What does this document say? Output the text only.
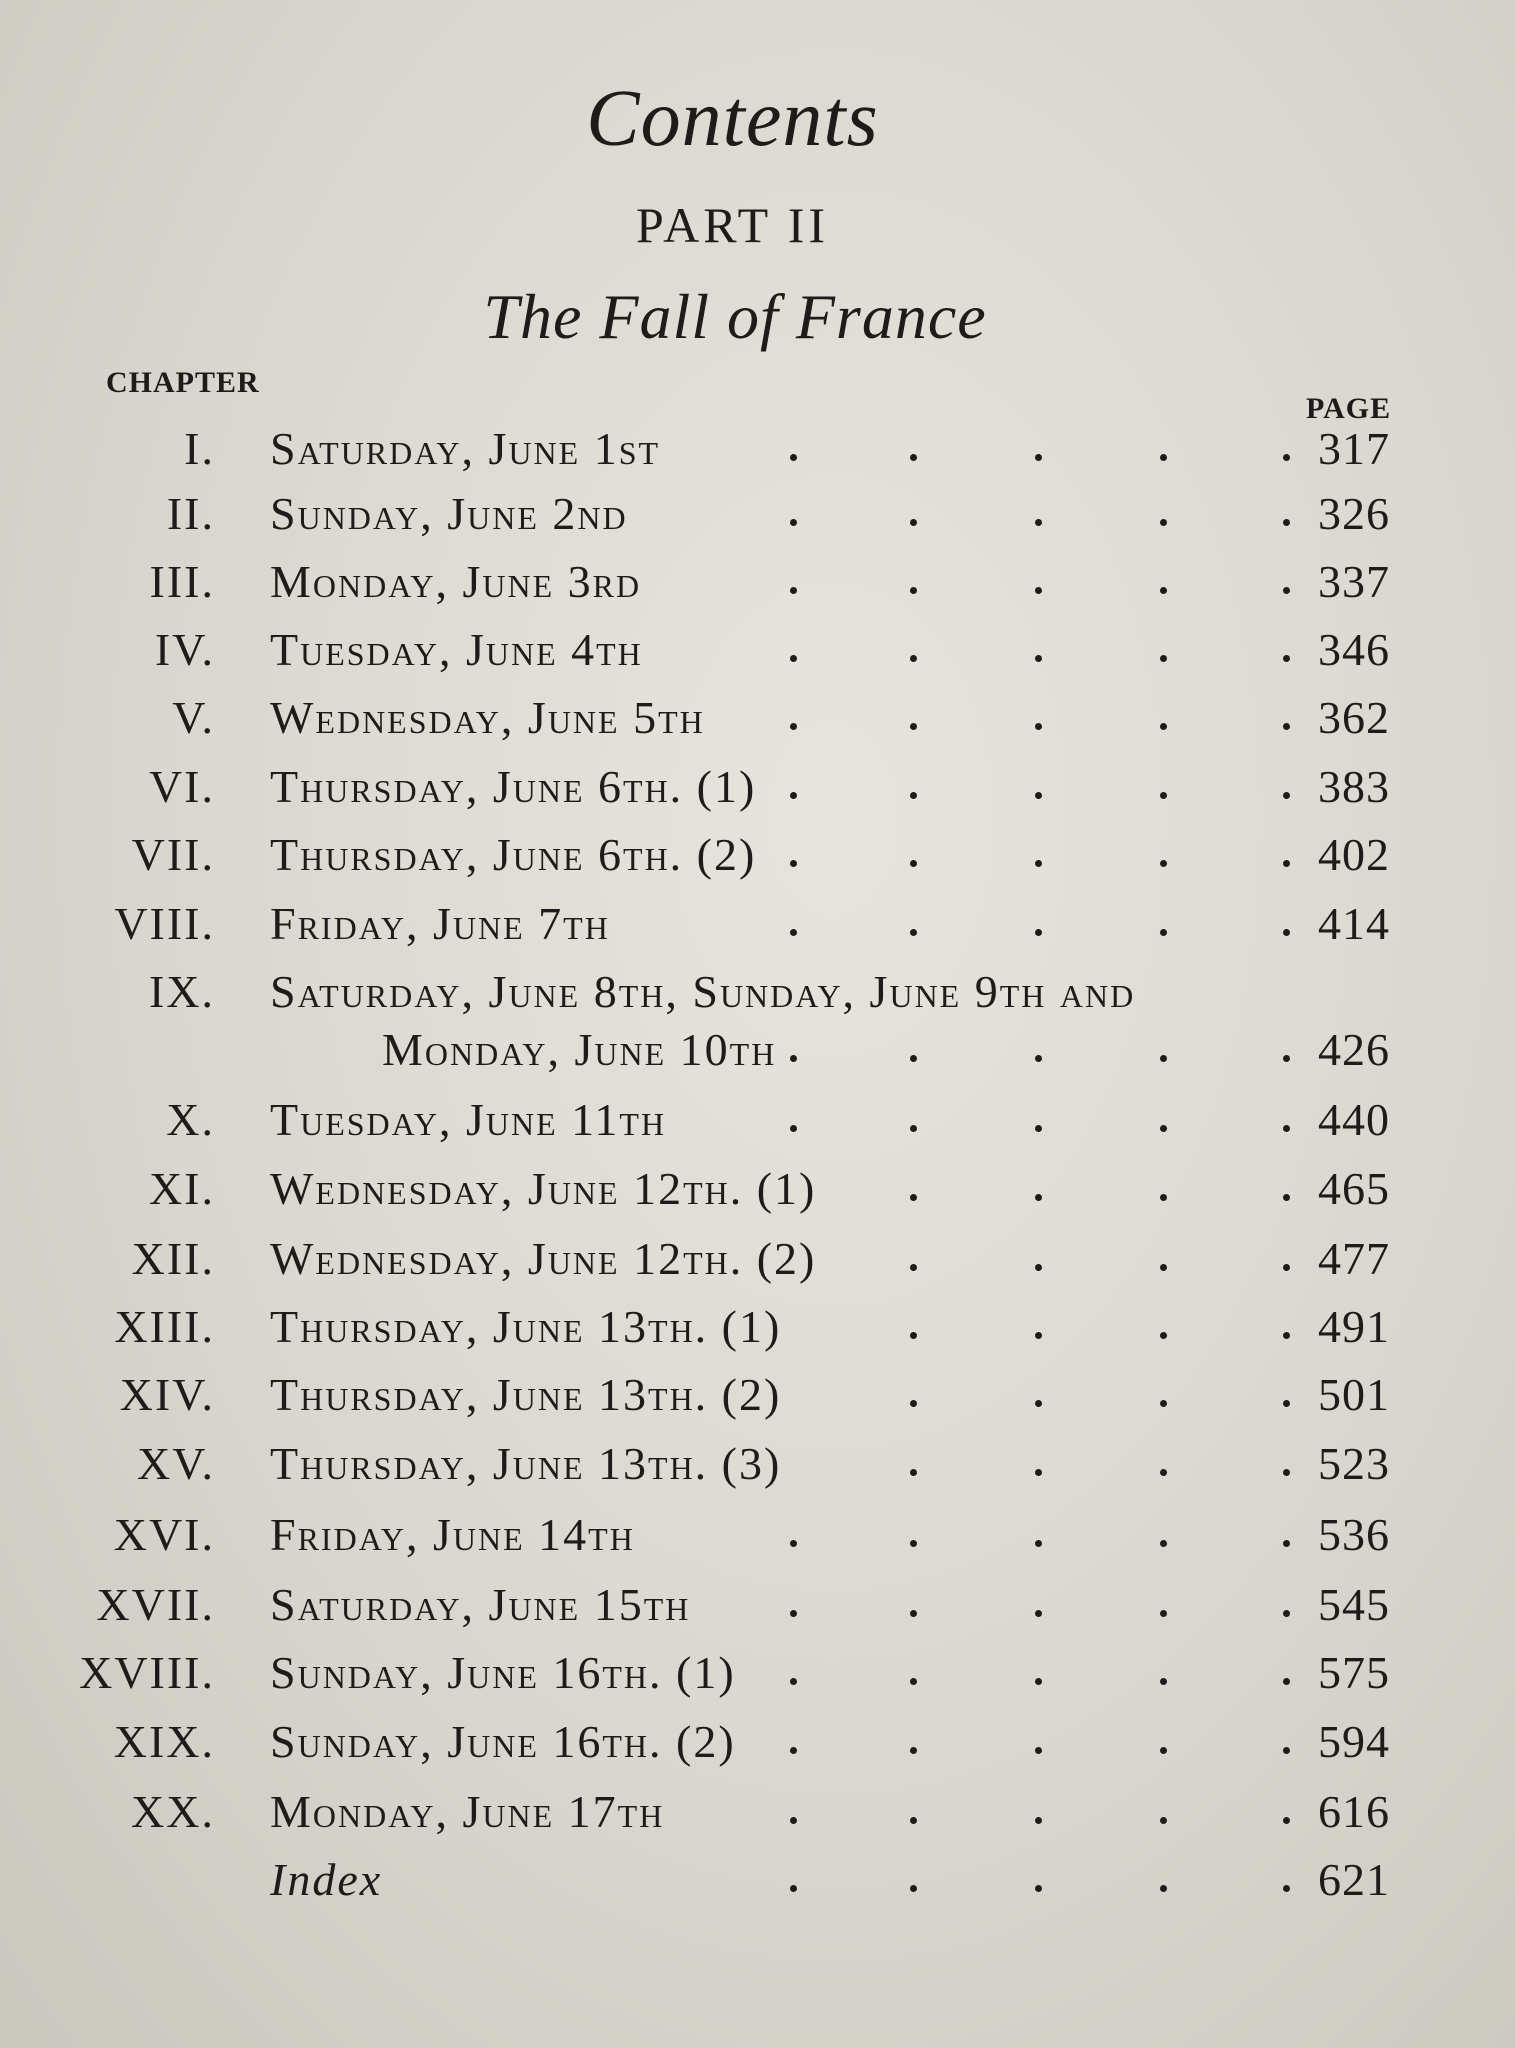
Contents
PART II
The Fall of France
CHAPTER
PAGE
I. Saturday, June 1st	317
II. Sunday, June 2nd	326
III. Monday, June 3rd	337
IV. Tuesday, June 4th	346
V. Wednesday, June 5th	362
VI. Thursday, June 6th. (1)	383
VII. Thursday, June 6th. (2)	402
VIII. Friday, June 7th	414
IX. Saturday, June 8th, Sunday, June 9th and
Monday, June 10th	426
X. Tuesday, June 11th	440
XI. Wednesday, June 12th. (1)	465
XII. Wednesday, June 12th. (2)	477
XIII. Thursday, June 13th. (1)	491
XIV. Thursday, June 13th. (2)	501
XV. Thursday, June 13th. (3)	523
XVI. Friday, June 14th	536
XVII. Saturday, June 15th	545
XVIII. Sunday, June 16th. (1)	575
XIX. Sunday, June 16th. (2)	594
XX. Monday, June 17th	616
Index	621
